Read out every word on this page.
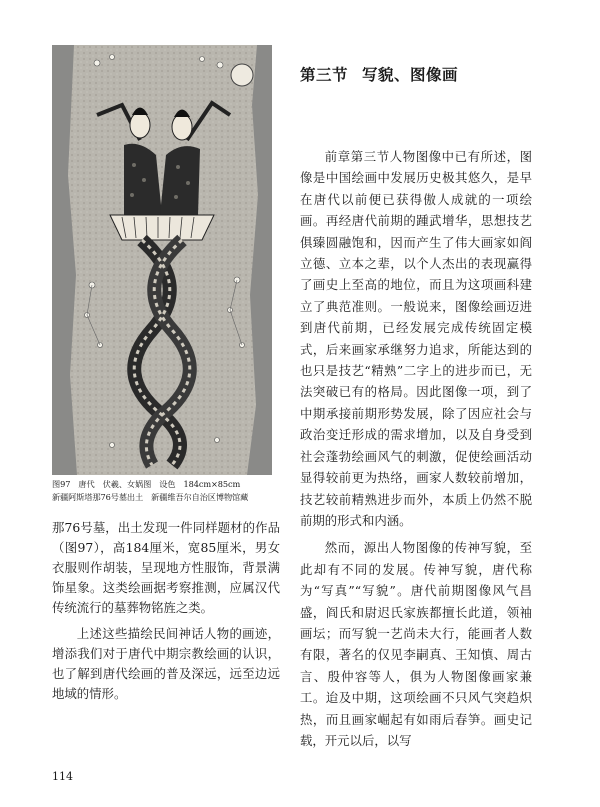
图97　唐代　伏羲、女娲图　设色　184cm×85cm
新疆阿斯塔那76号墓出土　新疆维吾尔自治区博物馆藏

那76号墓，出土发现一件同样题材的作品（图97），高184厘米，宽85厘米，男女衣服则作胡装，呈现地方性服饰，背景满饰星象。这类绘画据考察推测，应属汉代传统流行的墓葬物铭旌之类。

上述这些描绘民间神话人物的画迹，增添我们对于唐代中期宗教绘画的认识，也了解到唐代绘画的普及深远，远至边远地域的情形。

第三节 写貌、图像画

前章第三节人物图像中已有所述，图像是中国绘画中发展历史极其悠久，是早在唐代以前便已获得傲人成就的一项绘画。再经唐代前期的踵武增华，思想技艺俱臻圆融饱和，因而产生了伟大画家如阎立德、立本之辈，以个人杰出的表现赢得了画史上至高的地位，而且为这项画科建立了典范准则。一般说来，图像绘画迈进到唐代前期，已经发展完成传统固定模式，后来画家承继努力追求，所能达到的也只是技艺“精熟”二字上的进步而已，无法突破已有的格局。因此图像一项，到了中期承接前期形势发展，除了因应社会与政治变迁形成的需求增加，以及自身受到社会蓬勃绘画风气的刺激，促使绘画活动显得较前更为热络，画家人数较前增加，技艺较前精熟进步而外，本质上仍然不脱前期的形式和内涵。

然而，源出人物图像的传神写貌，至此却有不同的发展。传神写貌，唐代称为“写真”“写貌”。唐代前期图像风气昌盛，阎氏和尉迟氏家族都擅长此道，领袖画坛；而写貌一艺尚未大行，能画者人数有限，著名的仅见李嗣真、王知慎、周古言、殷仲容等人，俱为人物图像画家兼工。迨及中期，这项绘画不只风气突趋炽热，而且画家崛起有如雨后春笋。画史记载，开元以后，以写

114
